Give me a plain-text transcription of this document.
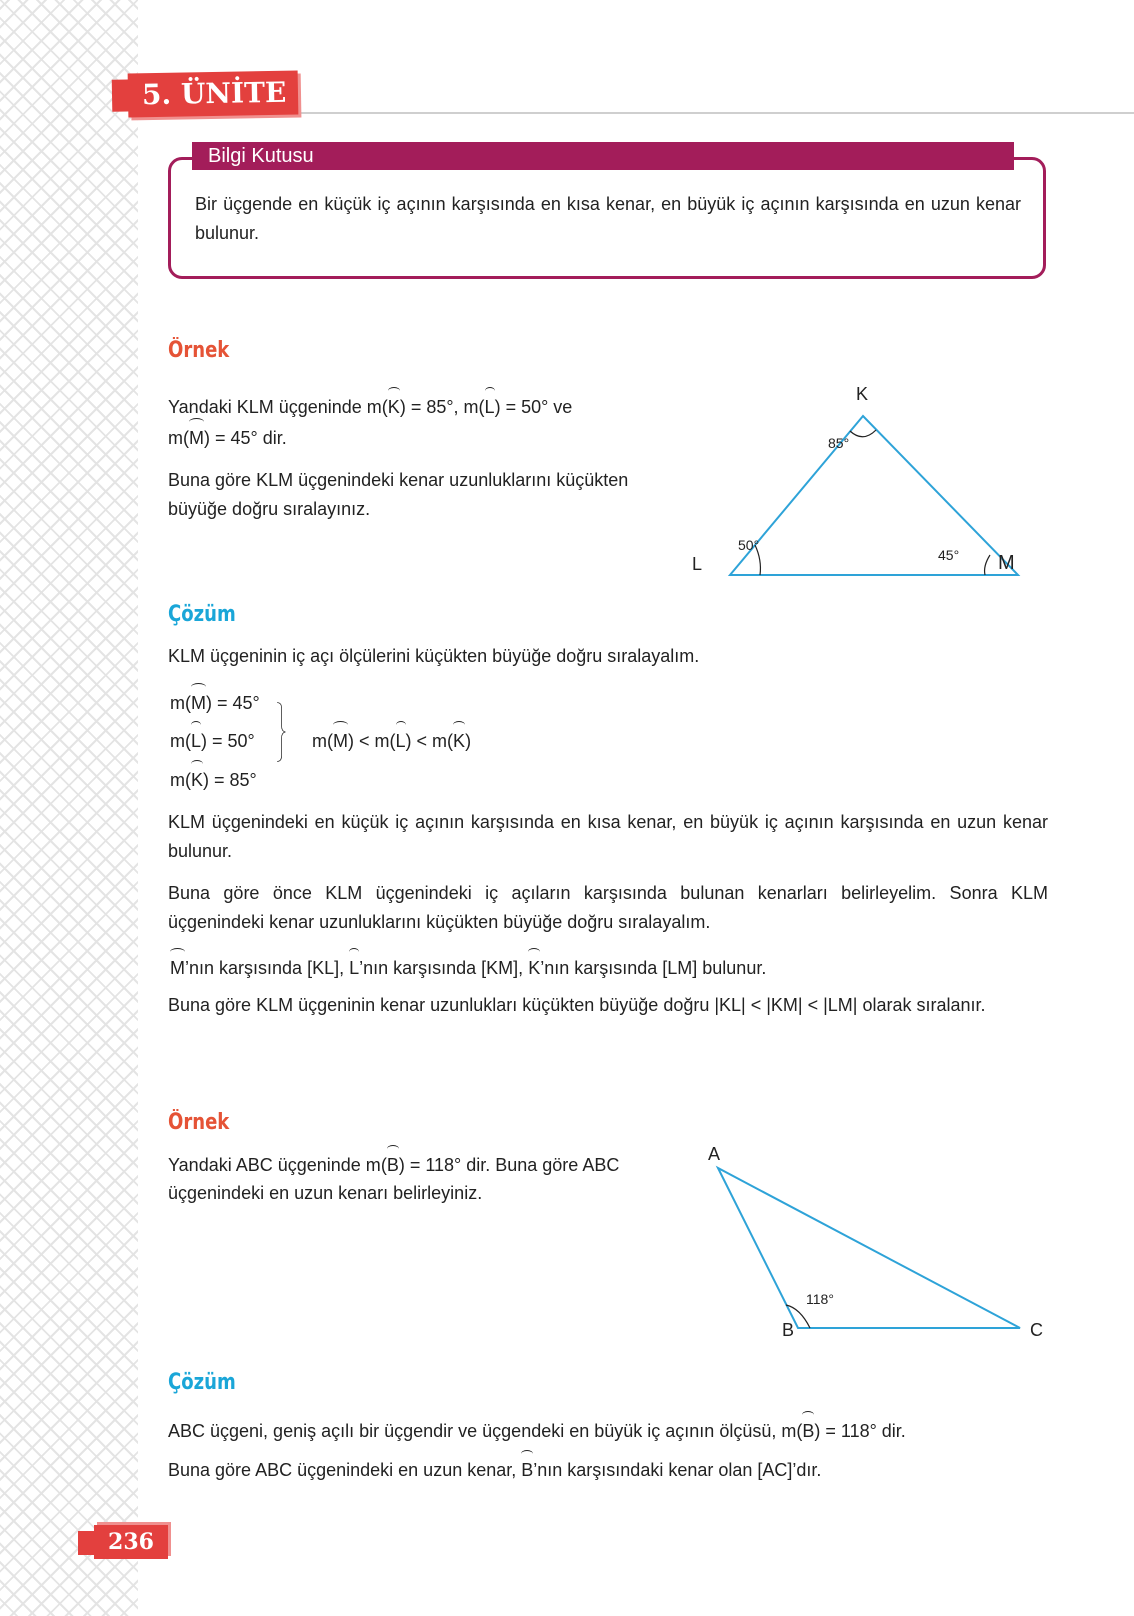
5. ÜNİTE
Bilgi Kutusu
Bir üçgende en küçük iç açının karşısında en kısa kenar, en büyük iç açının karşısında en uzun kenar bulunur.
Örnek
Yandaki KLM üçgeninde m(K) = 85°, m(L) = 50° ve
m(M) = 45° dir.
Buna göre KLM üçgenindeki kenar uzunluklarını küçükten
büyüğe doğru sıralayınız.
K
L	M
85°
50°
45°
Çözüm
KLM üçgeninin iç açı ölçülerini küçükten büyüğe doğru sıralayalım.
m(M) = 45°
m(L) = 50°
m(K) = 85°
m(M) < m(L) < m(K)
KLM üçgenindeki en küçük iç açının karşısında en kısa kenar, en büyük iç açının karşısında en uzun kenar bulunur.
Buna göre önce KLM üçgenindeki iç açıların karşısında bulunan kenarları belirleyelim. Sonra KLM üçgenindeki kenar uzunluklarını küçükten büyüğe doğru sıralayalım.
M’nın karşısında [KL], L’nın karşısında [KM], K’nın karşısında [LM] bulunur.
Buna göre KLM üçgeninin kenar uzunlukları küçükten büyüğe doğru |KL| < |KM| < |LM| olarak sıralanır.
Örnek
Yandaki ABC üçgeninde m(B) = 118° dir. Buna göre ABC
üçgenindeki en uzun kenarı belirleyiniz.
A
B	C
118°
Çözüm
ABC üçgeni, geniş açılı bir üçgendir ve üçgendeki en büyük iç açının ölçüsü, m(B) = 118° dir.
Buna göre ABC üçgenindeki en uzun kenar, B’nın karşısındaki kenar olan [AC]’dır.
236
